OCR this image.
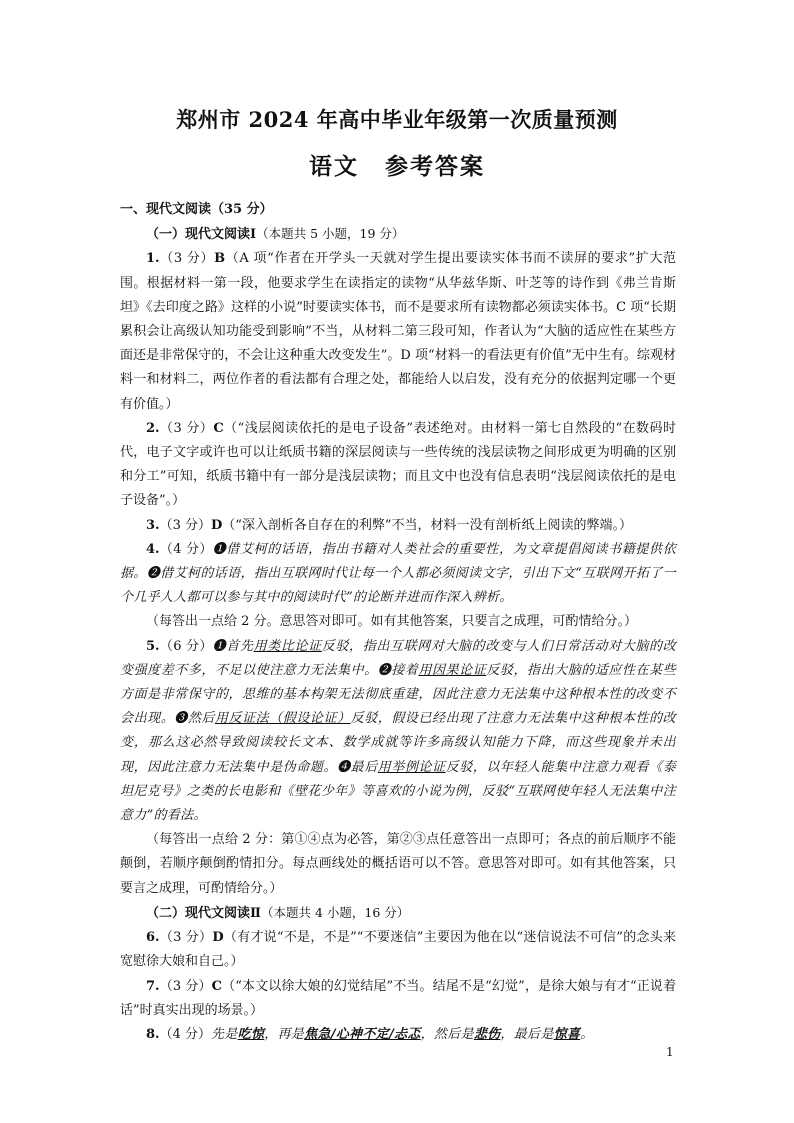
郑州市 2024 年高中毕业年级第一次质量预测
语文 参考答案

一、现代文阅读（35 分）

（一）现代文阅读Ⅰ（本题共 5 小题，19 分）

1.（3 分）B（A 项“作者在开学头一天就对学生提出要读实体书而不读屏的要求”扩大范围。根据材料一第一段，他要求学生在读指定的读物“从华兹华斯、叶芝等的诗作到《弗兰肯斯坦》《去印度之路》这样的小说”时要读实体书，而不是要求所有读物都必须读实体书。C 项“长期累积会让高级认知功能受到影响”不当，从材料二第三段可知，作者认为“大脑的适应性在某些方面还是非常保守的，不会让这种重大改变发生”。D 项“材料一的看法更有价值”无中生有。综观材料一和材料二，两位作者的看法都有合理之处，都能给人以启发，没有充分的依据判定哪一个更有价值。）

2.（3 分）C（“浅层阅读依托的是电子设备”表述绝对。由材料一第七自然段的“在数码时代，电子文字或许也可以让纸质书籍的深层阅读与一些传统的浅层读物之间形成更为明确的区别和分工”可知，纸质书籍中有一部分是浅层读物；而且文中也没有信息表明“浅层阅读依托的是电子设备”。）

3.（3 分）D（“深入剖析各自存在的利弊”不当，材料一没有剖析纸上阅读的弊端。）

4.（4 分）❶借艾柯的话语，指出书籍对人类社会的重要性，为文章提倡阅读书籍提供依据。❷借艾柯的话语，指出互联网时代让每一个人都必须阅读文字，引出下文“互联网开拓了一个几乎人人都可以参与其中的阅读时代”的论断并进而作深入辨析。

（每答出一点给 2 分。意思答对即可。如有其他答案，只要言之成理，可酌情给分。）

5.（6 分）❶首先用类比论证反驳，指出互联网对大脑的改变与人们日常活动对大脑的改变强度差不多，不足以使注意力无法集中。❷接着用因果论证反驳，指出大脑的适应性在某些方面是非常保守的，思维的基本构架无法彻底重建，因此注意力无法集中这种根本性的改变不会出现。❸然后用反证法（假设论证）反驳，假设已经出现了注意力无法集中这种根本性的改变，那么这必然导致阅读较长文本、数学成就等许多高级认知能力下降，而这些现象并未出现，因此注意力无法集中是伪命题。❹最后用举例论证反驳，以年轻人能集中注意力观看《泰坦尼克号》之类的长电影和《壁花少年》等喜欢的小说为例，反驳“互联网使年轻人无法集中注意力”的看法。

（每答出一点给 2 分：第①④点为必答，第②③点任意答出一点即可；各点的前后顺序不能颠倒，若顺序颠倒酌情扣分。每点画线处的概括语可以不答。意思答对即可。如有其他答案，只要言之成理，可酌情给分。）

（二）现代文阅读Ⅱ（本题共 4 小题，16 分）

6.（3 分）D（有才说“不是，不是”“不要迷信”主要因为他在以“迷信说法不可信”的念头来宽慰徐大娘和自己。）

7.（3 分）C（“本文以徐大娘的幻觉结尾”不当。结尾不是“幻觉”，是徐大娘与有才“正说着话”时真实出现的场景。）

8.（4 分）先是吃惊，再是焦急/心神不定/忐忑，然后是悲伤，最后是惊喜。

1
